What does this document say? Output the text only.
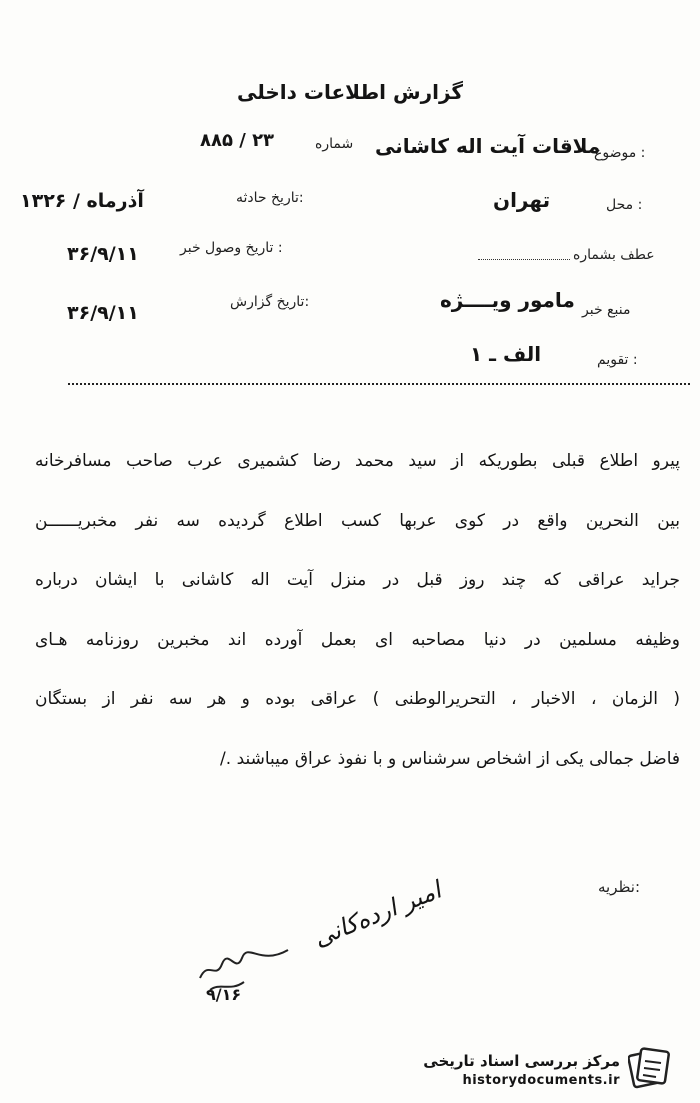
گزارش اطلاعات داخلی
موضوع :
ملاقات آیت اله کاشانی
شماره
۸۸۵ / ۲۳
محل :
تهران
تاریخ حادثه:
آذرماه / ۱۳۲۶
عطف بشماره
تاریخ وصول خبر :
۳۶/۹/۱۱
منبع خبر
مامور ویــــژه
تاریخ گزارش:
۳۶/۹/۱۱
تقویم :
الف ـ ۱
پیرو اطلاع قبلی بطوریکه از سید محمد رضا کشمیری عرب صاحب مسافرخانه
بین النحرین واقع در کوی عربها کسب اطلاع گردیده سه نفر مخبریــــــن
جراید عراقی که چند روز قبل در منزل آیت اله کاشانی با ایشان درباره
وظیفه مسلمین در دنیا مصاحبه ای بعمل آورده اند مخبرین روزنامه هـای
( الزمان ، الاخبار ، التحریرالوطنی ) عراقی بوده و هر سه نفر از بستگان
فاضل جمالی یکی از اشخاص سرشناس و با نفوذ عراق میباشند ./
نظریه:
امیر ارده‌کانی
۹/۱۶
مرکز بررسی اسناد تاریخی
historydocuments.ir
